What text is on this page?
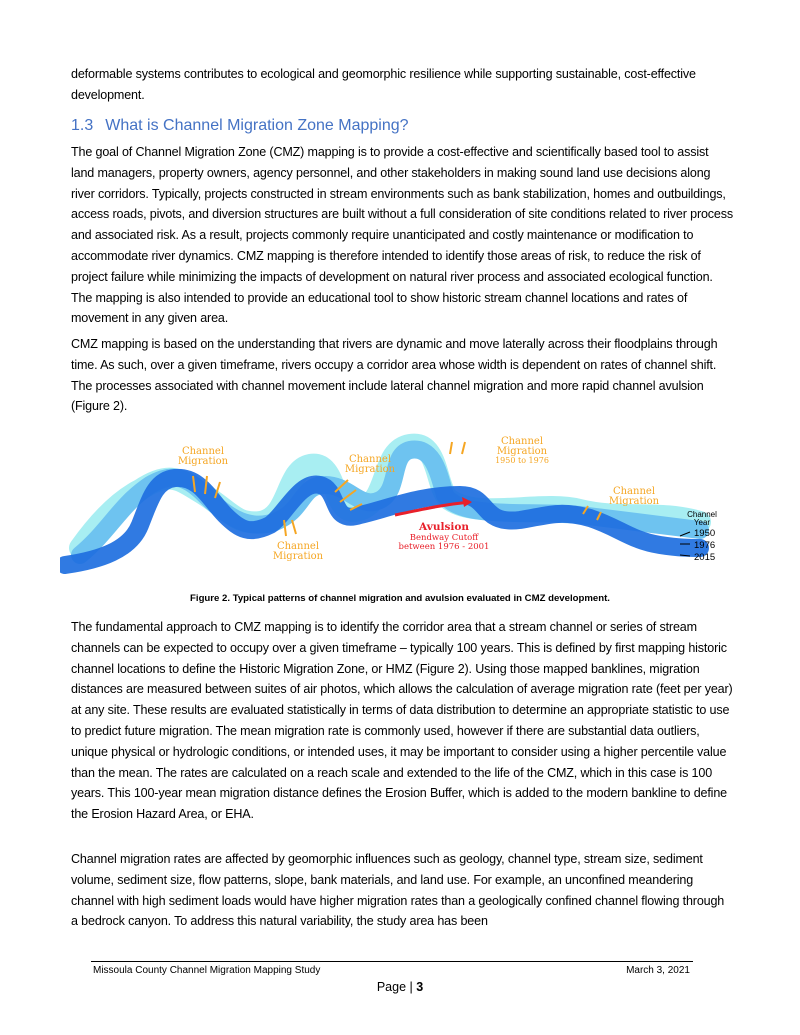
deformable systems contributes to ecological and geomorphic resilience while supporting sustainable, cost-effective development.

1.3 What is Channel Migration Zone Mapping?

The goal of Channel Migration Zone (CMZ) mapping is to provide a cost-effective and scientifically based tool to assist land managers, property owners, agency personnel, and other stakeholders in making sound land use decisions along river corridors. Typically, projects constructed in stream environments such as bank stabilization, homes and outbuildings, access roads, pivots, and diversion structures are built without a full consideration of site conditions related to river process and associated risk. As a result, projects commonly require unanticipated and costly maintenance or modification to accommodate river dynamics. CMZ mapping is therefore intended to identify those areas of risk, to reduce the risk of project failure while minimizing the impacts of development on natural river process and associated ecological function. The mapping is also intended to provide an educational tool to show historic stream channel locations and rates of movement in any given area.

CMZ mapping is based on the understanding that rivers are dynamic and move laterally across their floodplains through time. As such, over a given timeframe, rivers occupy a corridor area whose width is dependent on rates of channel shift. The processes associated with channel movement include lateral channel migration and more rapid channel avulsion (Figure 2).

Channel Migration
Channel Migration
Channel Migration
Channel Migration 1950 to 1976
Channel Migration
Avulsion Bendway Cutoff between 1976 - 2001
Channel Year
1950
1976
2015
Figure 2. Typical patterns of channel migration and avulsion evaluated in CMZ development.

The fundamental approach to CMZ mapping is to identify the corridor area that a stream channel or series of stream channels can be expected to occupy over a given timeframe – typically 100 years. This is defined by first mapping historic channel locations to define the Historic Migration Zone, or HMZ (Figure 2). Using those mapped banklines, migration distances are measured between suites of air photos, which allows the calculation of average migration rate (feet per year) at any site. These results are evaluated statistically in terms of data distribution to determine an appropriate statistic to use to predict future migration. The mean migration rate is commonly used, however if there are substantial data outliers, unique physical or hydrologic conditions, or intended uses, it may be important to consider using a higher percentile value than the mean. The rates are calculated on a reach scale and extended to the life of the CMZ, which in this case is 100 years. This 100-year mean migration distance defines the Erosion Buffer, which is added to the modern bankline to define the Erosion Hazard Area, or EHA.

Channel migration rates are affected by geomorphic influences such as geology, channel type, stream size, sediment volume, sediment size, flow patterns, slope, bank materials, and land use. For example, an unconfined meandering channel with high sediment loads would have higher migration rates than a geologically confined channel flowing through a bedrock canyon. To address this natural variability, the study area has been

Missoula County Channel Migration Mapping Study	March 3, 2021
Page | 3
